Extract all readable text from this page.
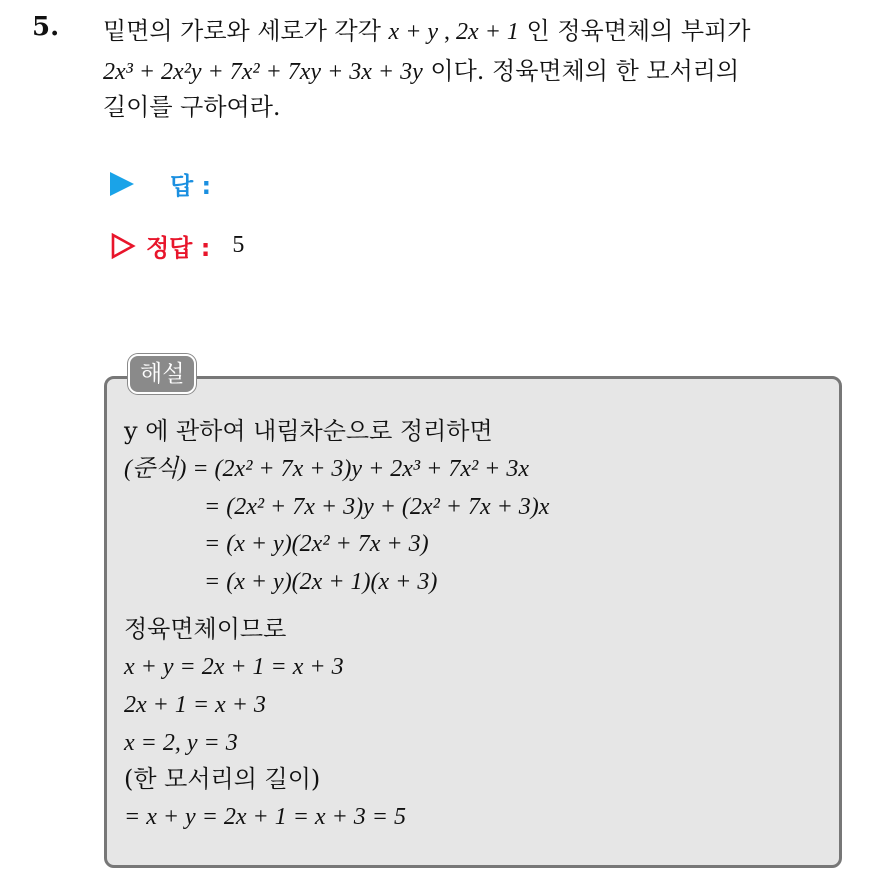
5. 밑면의 가로와 세로가 각각 x + y , 2x + 1 인 정육면체의 부피가
2x³ + 2x²y + 7x² + 7xy + 3x + 3y 이다. 정육면체의 한 모서리의
길이를 구하여라.
답 :
정답 : 5
해설
y 에 관하여 내림차순으로 정리하면
(준식) = (2x² + 7x + 3)y + 2x³ + 7x² + 3x
= (2x² + 7x + 3)y + (2x² + 7x + 3)x
= (x + y)(2x² + 7x + 3)
= (x + y)(2x + 1)(x + 3)
정육면체이므로
x + y = 2x + 1 = x + 3
2x + 1 = x + 3
x = 2, y = 3
(한 모서리의 길이)
= x + y = 2x + 1 = x + 3 = 5
